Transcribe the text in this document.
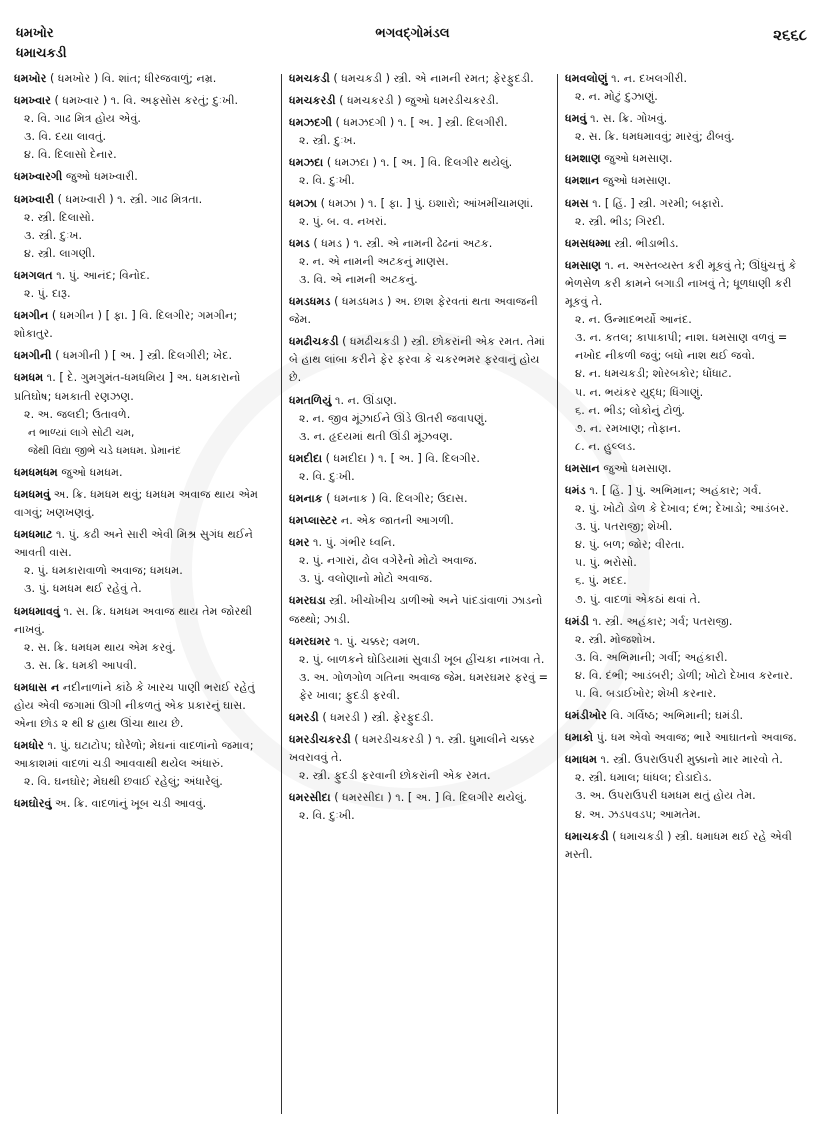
ધમખોર
ધમાચકડી
ભગવદ્ગોમંડલ	૨૬૬૮
ધમખોર ( ધમખોર ) વિ. શાંત; ધીરજવાળું; નમ્ર.
ધમખ્વાર ( ધમખ્વાર ) ૧. વિ. અફસોસ કરતું; દુઃખી.
૨. વિ. ગાઢ મિત્ર હોય એવું.
૩. વિ. દયા લાવતું.
૪. વિ. દિલાસો દેનાર.
ધમખ્વારગી જુઓ ધમખ્વારી.
ધમખ્વારી ( ધમખ્વારી ) ૧. સ્ત્રી. ગાઢ મિત્રતા.
૨. સ્ત્રી. દિલાસો.
૩. સ્ત્રી. દુઃખ.
૪. સ્ત્રી. લાગણી.
ધમગલત ૧. પું. આનંદ; વિનોદ.
૨. પું. દારૂ.
ધમગીન ( ધમગીન ) [ ફા. ] વિ. દિલગીર; ગમગીન; શોકાતુર.
ધમગીની ( ધમગીની ) [ અ. ] સ્ત્રી. દિલગીરી; ખેદ.
ધમધમ ૧. [ દે. ગુમગુમંત-ધમધમિય ] અ. ધમકારાનો પ્રતિઘોષ; ધમકાતી રણઝણ.
૨. અ. જલદી; ઉતાવળે.
ન ભાળ્યાં લાગે સોટી ચમ,
જેથી વિદ્યા જીભે ચડે ધમધમ. પ્રેમાનંદ
ધમધમધમ જુઓ ધમધમ.
ધમધમવું અ. ક્રિ. ધમધમ થવું; ધમધમ અવાજ થાય એમ વાગવું; ખણખણવું.
ધમધમાટ ૧. પું. કઢી અને સારી એવી મિશ્ર સુગંધ થઈને આવતી વાસ.
૨. પું. ધમકારાવાળો અવાજ; ધમધમ.
૩. પું. ધમધમ થઈ રહેવું તે.
ધમધમાવવું ૧. સ. ક્રિ. ધમધમ અવાજ થાય તેમ જોરથી નાખવું.
૨. સ. ક્રિ. ધમધમ થાય એમ કરવું.
૩. સ. ક્રિ. ધમકી આપવી.
ધમધાસ ન નદીનાળાંને કાંઠે કે ખારચ પાણી ભરાઈ રહેતું હોય એવી જગામાં ઊગી નીકળતું એક પ્રકારનું ઘાસ. એના છોડ ૨ થી ૪ હાથ ઊંચા થાય છે.
ધમધોર ૧. પું. ઘટાટોપ; ઘોરેળો; મેઘનાં વાદળાંનો જમાવ; આકાશમાં વાદળાં ચડી આવવાથી થયેલ અંધારું.
૨. વિ. ઘનઘોર; મેઘથી છવાઈ રહેલું; અંધારેલું.
ધમઘોરવું અ. ક્રિ. વાદળાંનું ખૂબ ચડી આવવું.
ધમચકડી ( ધમચકડી ) સ્ત્રી. એ નામની રમત; ફેરફુદડી.
ધમચકરડી ( ધમચકરડી ) જુઓ ધમરડીચકરડી.
ધમઝદગી ( ધમઝદગી ) ૧. [ અ. ] સ્ત્રી. દિલગીરી.
૨. સ્ત્રી. દુઃખ.
ધમઝદા ( ધમઝદા ) ૧. [ અ. ] વિ. દિલગીર થયેલું.
૨. વિ. દુઃખી.
ધમઝા ( ધમઝા ) ૧. [ ફા. ] પું. ઇશારો; આંખમીંચામણાં.
૨. પું. બ. વ. નખરાં.
ધમડ ( ધમડ ) ૧. સ્ત્રી. એ નામની ઢેઢનાં અટક.
૨. ન. એ નામની અટકનું માણસ.
૩. વિ. એ નામની અટકનું.
ધમડધમડ ( ધમડધમડ ) અ. છાશ ફેરવતાં થતા અવાજની જેમ.
ધમઢીચકડી ( ધમઢીચકડી ) સ્ત્રી. છોકરાંની એક રમત. તેમાં બે હાથ લાંબા કરીને ફેર ફરવા કે ચકરભમર ફરવાનું હોય છે.
ધમતળિયું ૧. ન. ઊંડાણ.
૨. ન. જીવ મૂંઝાઈને ઊંડે ઊતરી જવાપણું.
૩. ન. હૃદયમાં થતી ઊંડી મૂંઝવણ.
ધમદીદા ( ધમદીદા ) ૧. [ અ. ] વિ. દિલગીર.
૨. વિ. દુઃખી.
ધમનાક ( ધમનાક ) વિ. દિલગીર; ઉદાસ.
ધમપ્લાસ્ટર ન. એક જાતની આગળી.
ધમર ૧. પું. ગંભીર ધ્વનિ.
૨. પું. નગારાં, ઢોલ વગેરેનો મોટો અવાજ.
૩. પું. વલોણાનો મોટો અવાજ.
ધમરઘડા સ્ત્રી. ખીચોખીચ ડાળીઓ અને પાંદડાંવાળાં ઝાડનો જથ્થો; ઝાડી.
ધમરઘમર ૧. પું. ચક્કર; વમળ.
૨. પું. બાળકને ઘોડિયામાં સુવાડી ખૂબ હીંચકા નાખવા તે.
૩. અ. ગોળગોળ ગતિના અવાજ જેમ. ધમરઘમર ફરવું = ફેર ખાવા; ફુદડી ફરવી.
ધમરડી ( ધમરડી ) સ્ત્રી. ફેરફુદડી.
ધમરડીચકરડી ( ધમરડીચકરડી ) ૧. સ્ત્રી. ધુમાલીને ચક્કર ખવરાવવું તે.
૨. સ્ત્રી. ફુદડી ફરવાની છોકરાંની એક રમત.
ધમરસીદા ( ધમરસીદા ) ૧. [ અ. ] વિ. દિલગીર થયેલું.
૨. વિ. દુઃખી.
ધમવલોણું ૧. ન. દખલગીરી.
૨. ન. મોટું દુઝાણું.
ધમવું ૧. સ. ક્રિ. ગોખવું.
૨. સ. ક્રિ. ધમધમાવવું; મારવું; ઢીબવું.
ધમશાણ જુઓ ધમસાણ.
ધમશાન જુઓ ધમસાણ.
ધમસ ૧. [ હિં. ] સ્ત્રી. ગરમી; બફારો.
૨. સ્ત્રી. ભીડ; ગિરદી.
ધમસધમ્મા સ્ત્રી. ભીડાભીડ.
ધમસાણ ૧. ન. અસ્તવ્યસ્ત કરી મૂકવું તે; ઊંધુંચત્તું કે ભેળસેળ કરી કામને બગાડી નાખવું તે; ધૂળધાણી કરી મૂકવું તે.
૨. ન. ઉન્માદભર્યો આનંદ.
૩. ન. કતલ; કાપાકાપી; નાશ. ધમસાણ વળવું = નખોદ નીકળી જવું; બધો નાશ થઈ જવો.
૪. ન. ધમચકડી; શોરબકોર; ધોંધાટ.
૫. ન. ભયંકર યુદ્ધ; ધિંગાણું.
૬. ન. ભીડ; લોકોનું ટોળું.
૭. ન. રમખાણ; તોફાન.
૮. ન. હુલ્લડ.
ધમસાન જુઓ ધમસાણ.
ધમંડ ૧. [ હિં. ] પું. અભિમાન; અહંકાર; ગર્વ.
૨. પું. ખોટો ડોળ કે દેખાવ; દંભ; દેખાડો; આડંબર.
૩. પું. પતરાજી; શેખી.
૪. પું. બળ; જોર; વીરતા.
૫. પું. ભરોસો.
૬. પું. મદદ.
૭. પું. વાદળાં એકઠાં થવાં તે.
ધમંડી ૧. સ્ત્રી. અહંકાર; ગર્વ; પતરાજી.
૨. સ્ત્રી. મોજશોખ.
૩. વિ. અભિમાની; ગર્વી; અહંકારી.
૪. વિ. દંભી; આડંબરી; ડોળી; ખોટો દેખાવ કરનાર.
૫. વિ. બડાઈખોર; શેખી કરનાર.
ધમંડીખોર વિ. ગર્વિષ્ઠ; અભિમાની; ઘમંડી.
ધમાકો પું. ધમ એવો અવાજ; ભારે આઘાતનો અવાજ.
ધમાધમ ૧. સ્ત્રી. ઉપરાઉપરી મુક્કાનો માર મારવો તે.
૨. સ્ત્રી. ધમાલ; ધાંધલ; દોડાદોડ.
૩. અ. ઉપરાઉપરી ધમધમ થતું હોય તેમ.
૪. અ. ઝડપવડપ; આમતેમ.
ધમાચકડી ( ધમાચકડી ) સ્ત્રી. ધમાધમ થઈ રહે એવી મસ્તી.
